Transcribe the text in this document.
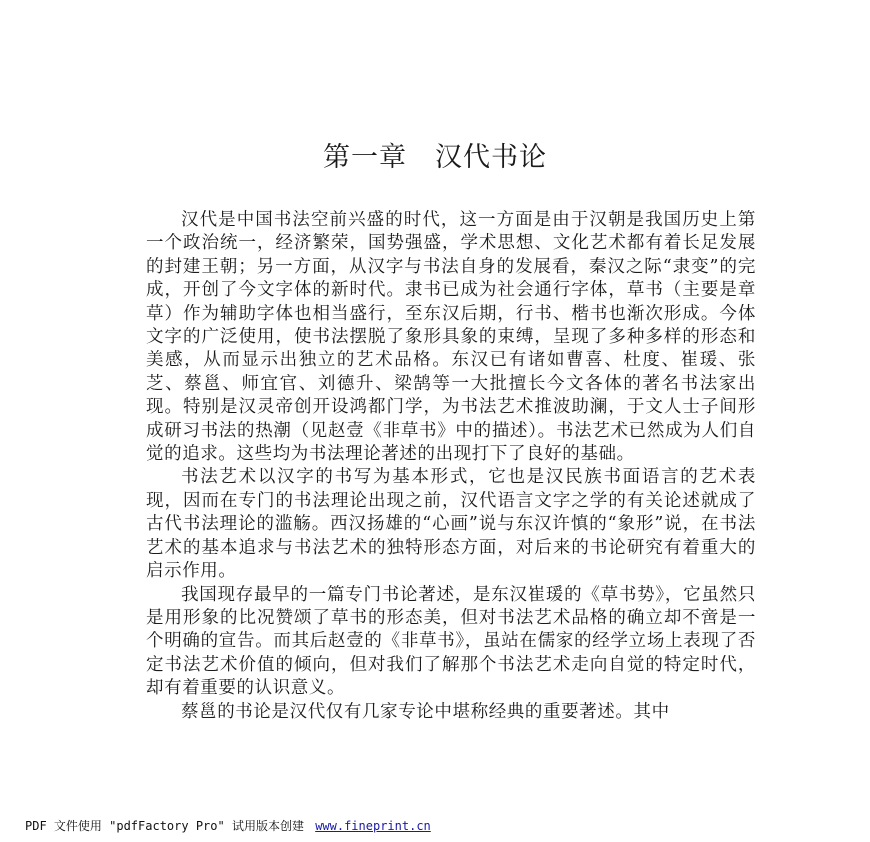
第一章　汉代书论

汉代是中国书法空前兴盛的时代，这一方面是由于汉朝是我国历史上第一个政治统一，经济繁荣，国势强盛，学术思想、文化艺术都有着长足发展的封建王朝；另一方面，从汉字与书法自身的发展看，秦汉之际“隶变”的完成，开创了今文字体的新时代。隶书已成为社会通行字体，草书（主要是章草）作为辅助字体也相当盛行，至东汉后期，行书、楷书也渐次形成。今体文字的广泛使用，使书法摆脱了象形具象的束缚，呈现了多种多样的形态和美感，从而显示出独立的艺术品格。东汉已有诸如曹喜、杜度、崔瑗、张芝、蔡邕、师宜官、刘德升、梁鹄等一大批擅长今文各体的著名书法家出现。特别是汉灵帝创开设鸿都门学，为书法艺术推波助澜，于文人士子间形成研习书法的热潮（见赵壹《非草书》中的描述）。书法艺术已然成为人们自觉的追求。这些均为书法理论著述的出现打下了良好的基础。

书法艺术以汉字的书写为基本形式，它也是汉民族书面语言的艺术表现，因而在专门的书法理论出现之前，汉代语言文字之学的有关论述就成了古代书法理论的滥觞。西汉扬雄的“心画”说与东汉许慎的“象形”说，在书法艺术的基本追求与书法艺术的独特形态方面，对后来的书论研究有着重大的启示作用。

我国现存最早的一篇专门书论著述，是东汉崔瑗的《草书势》，它虽然只是用形象的比况赞颂了草书的形态美，但对书法艺术品格的确立却不啻是一个明确的宣告。而其后赵壹的《非草书》，虽站在儒家的经学立场上表现了否定书法艺术价值的倾向，但对我们了解那个书法艺术走向自觉的特定时代，却有着重要的认识意义。

蔡邕的书论是汉代仅有几家专论中堪称经典的重要著述。其中

PDF 文件使用 "pdfFactory Pro" 试用版本创建 www.fineprint.cn
